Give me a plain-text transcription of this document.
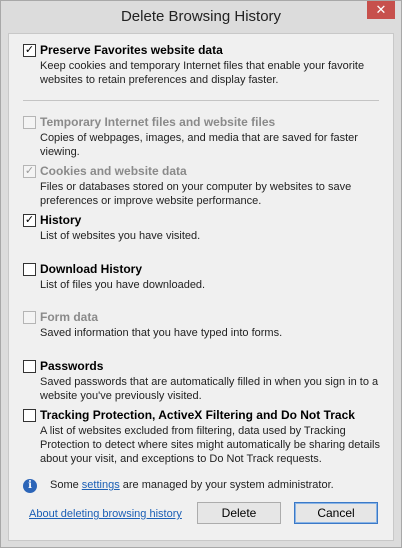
Delete Browsing History	✕
✓ Preserve Favorites website data
Keep cookies and temporary Internet files that enable your favorite websites to retain preferences and display faster.
Temporary Internet files and website files
Copies of webpages, images, and media that are saved for faster viewing.
✓ Cookies and website data
Files or databases stored on your computer by websites to save preferences or improve website performance.
✓ History
List of websites you have visited.
Download History
List of files you have downloaded.
Form data
Saved information that you have typed into forms.
Passwords
Saved passwords that are automatically filled in when you sign in to a website you've previously visited.
Tracking Protection, ActiveX Filtering and Do Not Track
A list of websites excluded from filtering, data used by Tracking Protection to detect where sites might automatically be sharing details about your visit, and exceptions to Do Not Track requests.
i	Some settings are managed by your system administrator.
About deleting browsing history	Delete	Cancel
